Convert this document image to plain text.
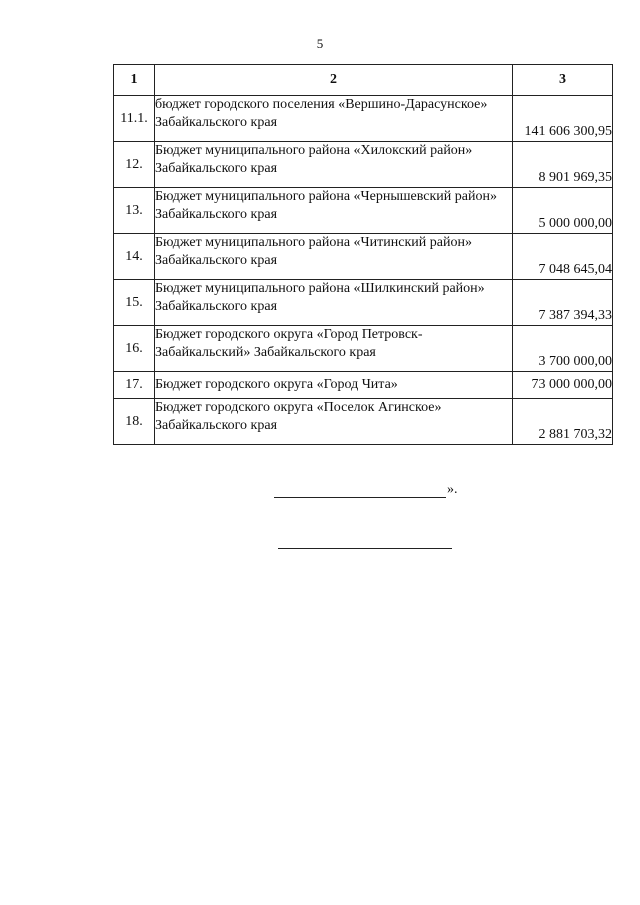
5
1	2	3
11.1.	бюджет городского поселения «Вершино-Дарасунское» Забайкальского края	141 606 300,95
12.	Бюджет муниципального района «Хилокский район» Забайкальского края	8 901 969,35
13.	Бюджет муниципального района «Чернышевский район» Забайкальского края	5 000 000,00
14.	Бюджет муниципального района «Читинский район» Забайкальского края	7 048 645,04
15.	Бюджет муниципального района «Шилкинский район» Забайкальского края	7 387 394,33
16.	Бюджет городского округа «Город Петровск-Забайкальский» Забайкальского края	3 700 000,00
17.	Бюджет городского округа «Город Чита»	73 000 000,00
18.	Бюджет городского округа «Поселок Агинское» Забайкальского края	2 881 703,32
».
